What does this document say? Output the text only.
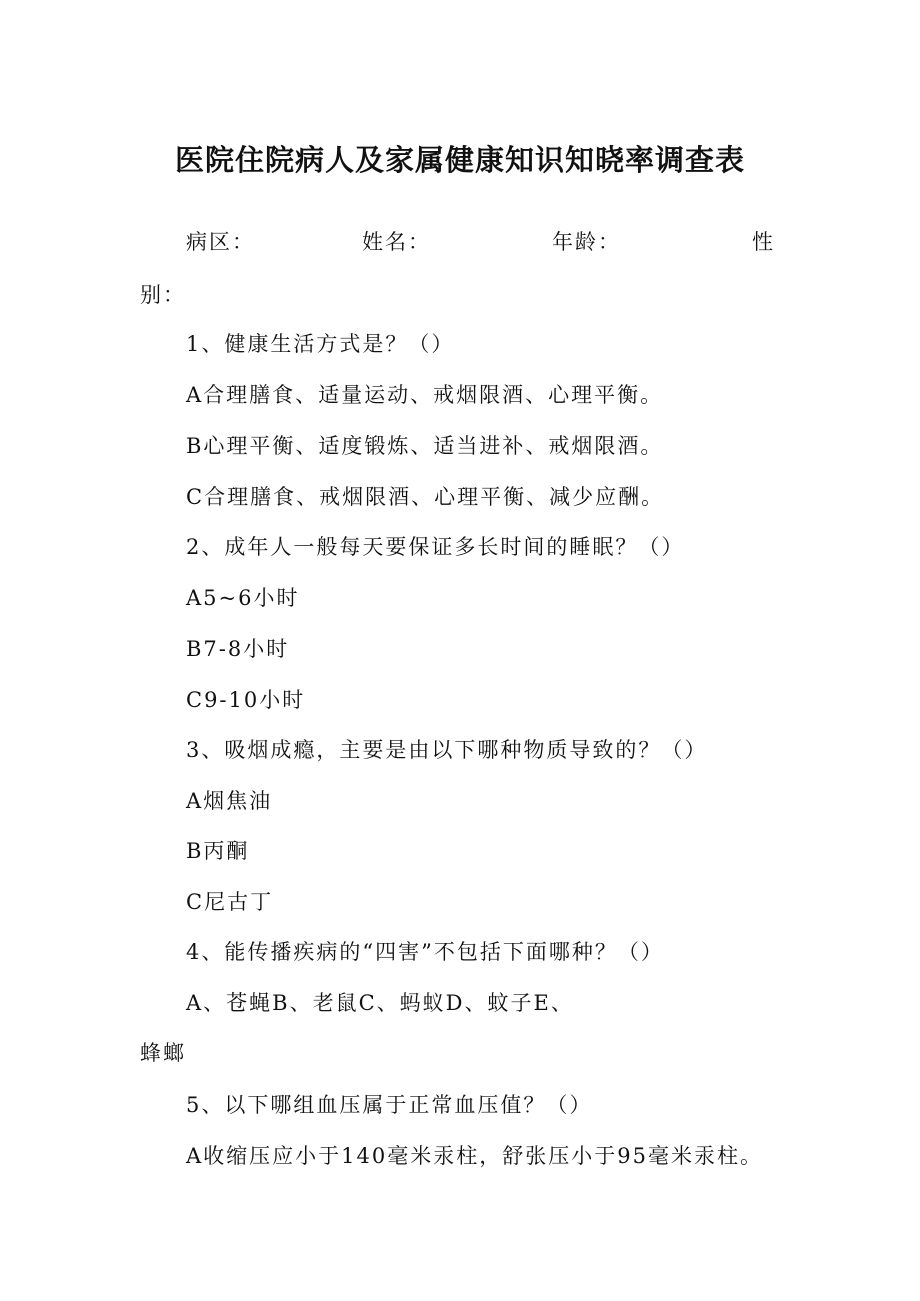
医院住院病人及家属健康知识知晓率调查表
病区：	姓名：	年龄：	性
别：
1、健康生活方式是？（）
A合理膳食、适量运动、戒烟限酒、心理平衡。
B心理平衡、适度锻炼、适当进补、戒烟限酒。
C合理膳食、戒烟限酒、心理平衡、减少应酬。
2、成年人一般每天要保证多长时间的睡眠？（）
A5~6小时
B7-8小时
C9-10小时
3、吸烟成瘾，主要是由以下哪种物质导致的？（）
A烟焦油
B丙酮
C尼古丁
4、能传播疾病的“四害”不包括下面哪种？（）
A、苍蝇B、老鼠C、蚂蚁D、蚊子E、
蜂螂
5、以下哪组血压属于正常血压值？（）
A收缩压应小于140毫米汞柱，舒张压小于95毫米汞柱。
